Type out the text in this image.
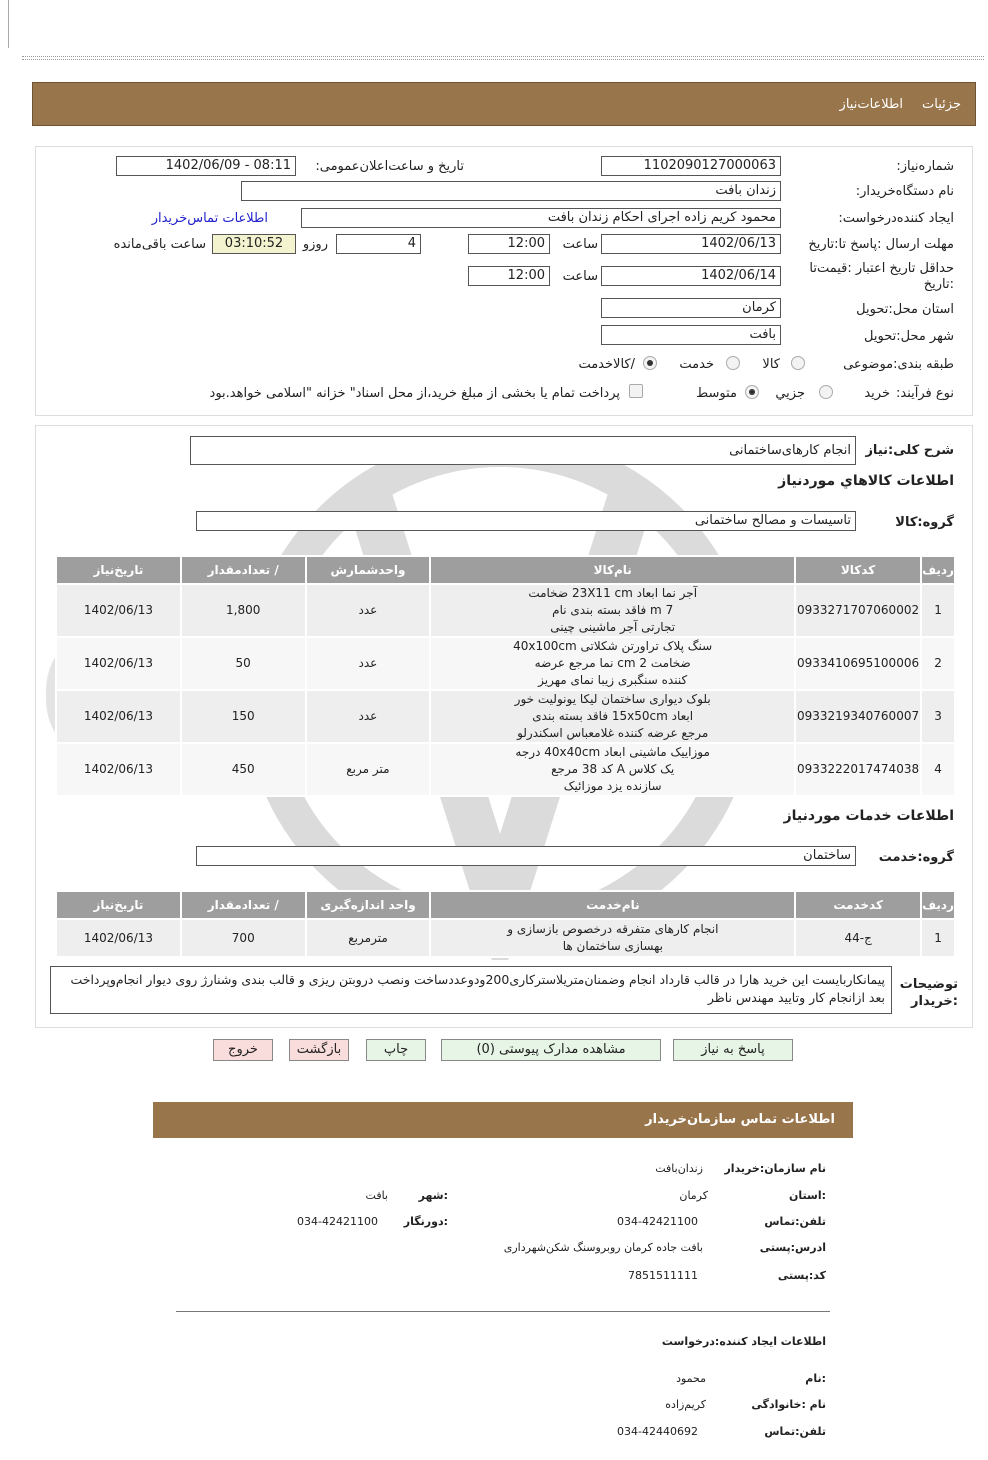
جزئیات
اطلاعات‌نیاز
شماره‌نیاز:
1102090127000063
تاریخ و ساعت‌اعلان‌عمومی:
1402/06/09 - 08:11
نام دستگاه‌خریدار:
زندان بافت
ایجاد کننده‌درخواست:
محمود کریم زاده اجرای احکام زندان بافت
اطلاعات تماس‌خریدار
مهلت ارسال :پاسخ تا:تاریخ
1402/06/13
ساعت
12:00
4
روزو
03:10:52
ساعت باقی‌مانده
حداقل تاریخ اعتبار :قیمت‌تا :تاریخ
1402/06/14
ساعت
12:00
استان محل:تحویل
کرمان
شهر محل:تحویل
بافت
طبقه بندی:موضوعی
کالا
خدمت
/کالاخدمت
نوع فرآیند:
خرید
جزیي
متوسط
پرداخت تمام یا بخشی از مبلغ خرید،از محل اسناد" خزانه "اسلامی خواهد.بود
شرح کلی:نیاز
انجام کارهای‌ساختمانی
اطلاعات کالاهاي موردنياز
گروه:کالا
تاسیسات و مصالح ساختمانی
ردیف	کدکالا	نام‌کالا	واحدشمارش	/ تعدادمقدار	تاریخ‌نیاز
1	0933271707060002	آجر نما ابعاد 23X11 cm ضخامت
7 m فاقد بسته بندی نام
تجارتی آجر ماشینی چینی	عدد	1,800	1402/06/13
2	0933410695100006	سنگ پلاک تراورتن شکلاتی 40x100cm
ضخامت 2 cm نما مرجع عرضه
کننده سنگبری زیبا نمای مهریز	عدد	50	1402/06/13
3	0933219340760007	بلوک دیواری ساختمان لیکا یونولیت خور
ابعاد 15x50cm فاقد بسته بندی
مرجع عرضه کننده غلامعباس اسکندرلو	عدد	150	1402/06/13
4	0933222017474038	موزاییک ماشینی ابعاد 40x40cm درجه
یک کلاس A کد 38 مرجع
سازنده یزد موزائیک	متر مربع	450	1402/06/13
اطلاعات خدمات موردنياز
گروه:خدمت
ساختمان
ردیف	کدخدمت	نام‌خدمت	واحد اندازه‌گیری	/ تعدادمقدار	تاریخ‌نیاز
1	ج-44	انجام کارهای متفرقه درخصوص بازسازی و
بهسازی ساختمان ها	مترمربع	700	1402/06/13
توضیحات :خریدار
پیمانکاربایست این خرید هارا در قالب قارداد انجام وضمنان‌متریلاسترکاری200ودوعددساخت ونصب دروبتن ریزی و قالب بندی وشنارژ روی دیوار انجام‌وپرداخت بعد ازانجام کار وتایید مهندس ناظر
پاسخ به نیاز
مشاهده مدارک پیوستی (0)
چاپ
بازگشت
خروج
اطلاعات تماس سازمان‌خریدار
نام سازمان:خریدار
زندان‌بافت
:استان
کرمان
:شهر
بافت
تلفن:تماس
034-42421100
:دورنگار
034-42421100
ادرس:پستی
بافت جاده کرمان روبروسنگ شکن‌شهرداری
کد:پستی
7851511111
اطلاعات ایجاد کننده:درخواست
:نام
محمود
نام :خانوادگی
کریم‌زاده
تلفن:تماس
034-42440692
